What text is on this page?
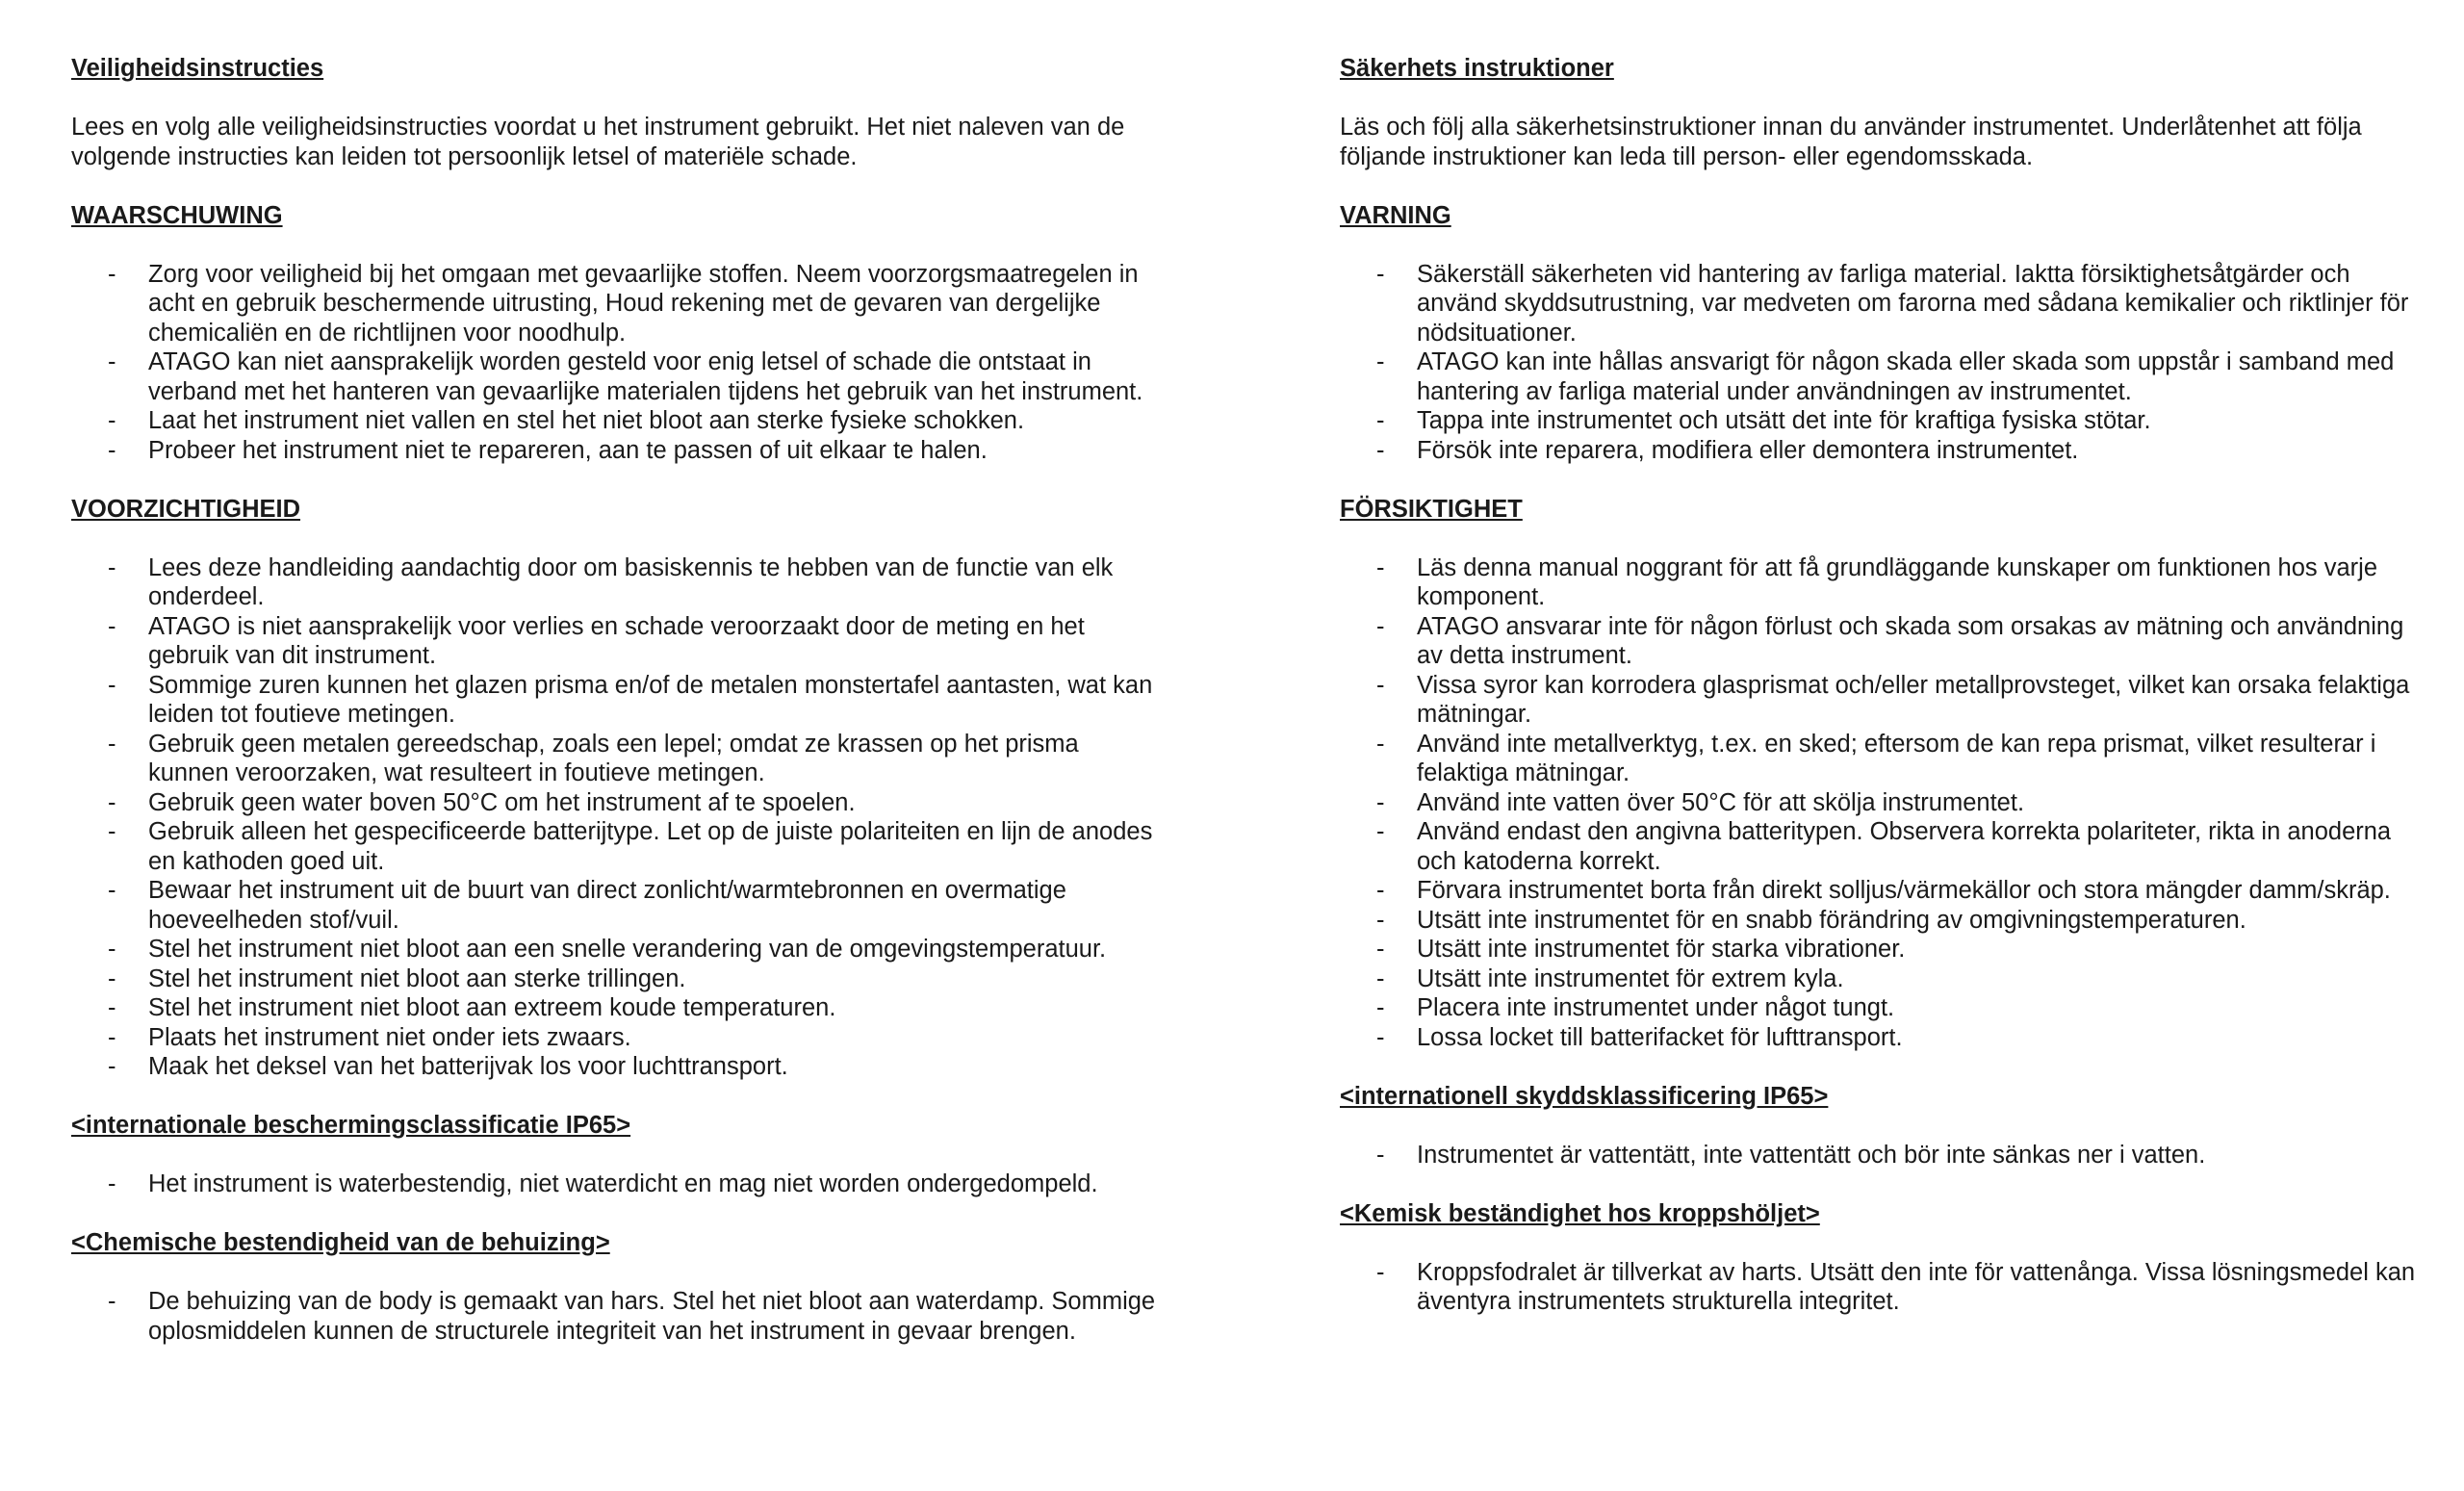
Veiligheidsinstructies

Lees en volg alle veiligheidsinstructies voordat u het instrument gebruikt. Het niet naleven van de volgende instructies kan leiden tot persoonlijk letsel of materiële schade.

WAARSCHUWING

- Zorg voor veiligheid bij het omgaan met gevaarlijke stoffen. Neem voorzorgsmaatregelen in acht en gebruik beschermende uitrusting, Houd rekening met de gevaren van dergelijke chemicaliën en de richtlijnen voor noodhulp.
- ATAGO kan niet aansprakelijk worden gesteld voor enig letsel of schade die ontstaat in verband met het hanteren van gevaarlijke materialen tijdens het gebruik van het instrument.
- Laat het instrument niet vallen en stel het niet bloot aan sterke fysieke schokken.
- Probeer het instrument niet te repareren, aan te passen of uit elkaar te halen.

VOORZICHTIGHEID

- Lees deze handleiding aandachtig door om basiskennis te hebben van de functie van elk onderdeel.
- ATAGO is niet aansprakelijk voor verlies en schade veroorzaakt door de meting en het gebruik van dit instrument.
- Sommige zuren kunnen het glazen prisma en/of de metalen monstertafel aantasten, wat kan leiden tot foutieve metingen.
- Gebruik geen metalen gereedschap, zoals een lepel; omdat ze krassen op het prisma kunnen veroorzaken, wat resulteert in foutieve metingen.
- Gebruik geen water boven 50°C om het instrument af te spoelen.
- Gebruik alleen het gespecificeerde batterijtype. Let op de juiste polariteiten en lijn de anodes en kathoden goed uit.
- Bewaar het instrument uit de buurt van direct zonlicht/warmtebronnen en overmatige hoeveelheden stof/vuil.
- Stel het instrument niet bloot aan een snelle verandering van de omgevingstemperatuur.
- Stel het instrument niet bloot aan sterke trillingen.
- Stel het instrument niet bloot aan extreem koude temperaturen.
- Plaats het instrument niet onder iets zwaars.
- Maak het deksel van het batterijvak los voor luchttransport.

<internationale beschermingsclassificatie IP65>

- Het instrument is waterbestendig, niet waterdicht en mag niet worden ondergedompeld.

<Chemische bestendigheid van de behuizing>

- De behuizing van de body is gemaakt van hars. Stel het niet bloot aan waterdamp. Sommige oplosmiddelen kunnen de structurele integriteit van het instrument in gevaar brengen.

Säkerhets instruktioner

Läs och följ alla säkerhetsinstruktioner innan du använder instrumentet. Underlåtenhet att följa följande instruktioner kan leda till person- eller egendomsskada.

VARNING

- Säkerställ säkerheten vid hantering av farliga material. Iaktta försiktighetsåtgärder och använd skyddsutrustning, var medveten om farorna med sådana kemikalier och riktlinjer för nödsituationer.
- ATAGO kan inte hållas ansvarigt för någon skada eller skada som uppstår i samband med hantering av farliga material under användningen av instrumentet.
- Tappa inte instrumentet och utsätt det inte för kraftiga fysiska stötar.
- Försök inte reparera, modifiera eller demontera instrumentet.

FÖRSIKTIGHET

- Läs denna manual noggrant för att få grundläggande kunskaper om funktionen hos varje komponent.
- ATAGO ansvarar inte för någon förlust och skada som orsakas av mätning och användning av detta instrument.
- Vissa syror kan korrodera glasprismat och/eller metallprovsteget, vilket kan orsaka felaktiga mätningar.
- Använd inte metallverktyg, t.ex. en sked; eftersom de kan repa prismat, vilket resulterar i felaktiga mätningar.
- Använd inte vatten över 50°C för att skölja instrumentet.
- Använd endast den angivna batteritypen. Observera korrekta polariteter, rikta in anoderna och katoderna korrekt.
- Förvara instrumentet borta från direkt solljus/värmekällor och stora mängder damm/skräp.
- Utsätt inte instrumentet för en snabb förändring av omgivningstemperaturen.
- Utsätt inte instrumentet för starka vibrationer.
- Utsätt inte instrumentet för extrem kyla.
- Placera inte instrumentet under något tungt.
- Lossa locket till batterifacket för lufttransport.

<internationell skyddsklassificering IP65>

- Instrumentet är vattentätt, inte vattentätt och bör inte sänkas ner i vatten.

<Kemisk beständighet hos kroppshöljet>

- Kroppsfodralet är tillverkat av harts. Utsätt den inte för vattenånga. Vissa lösningsmedel kan äventyra instrumentets strukturella integritet.
